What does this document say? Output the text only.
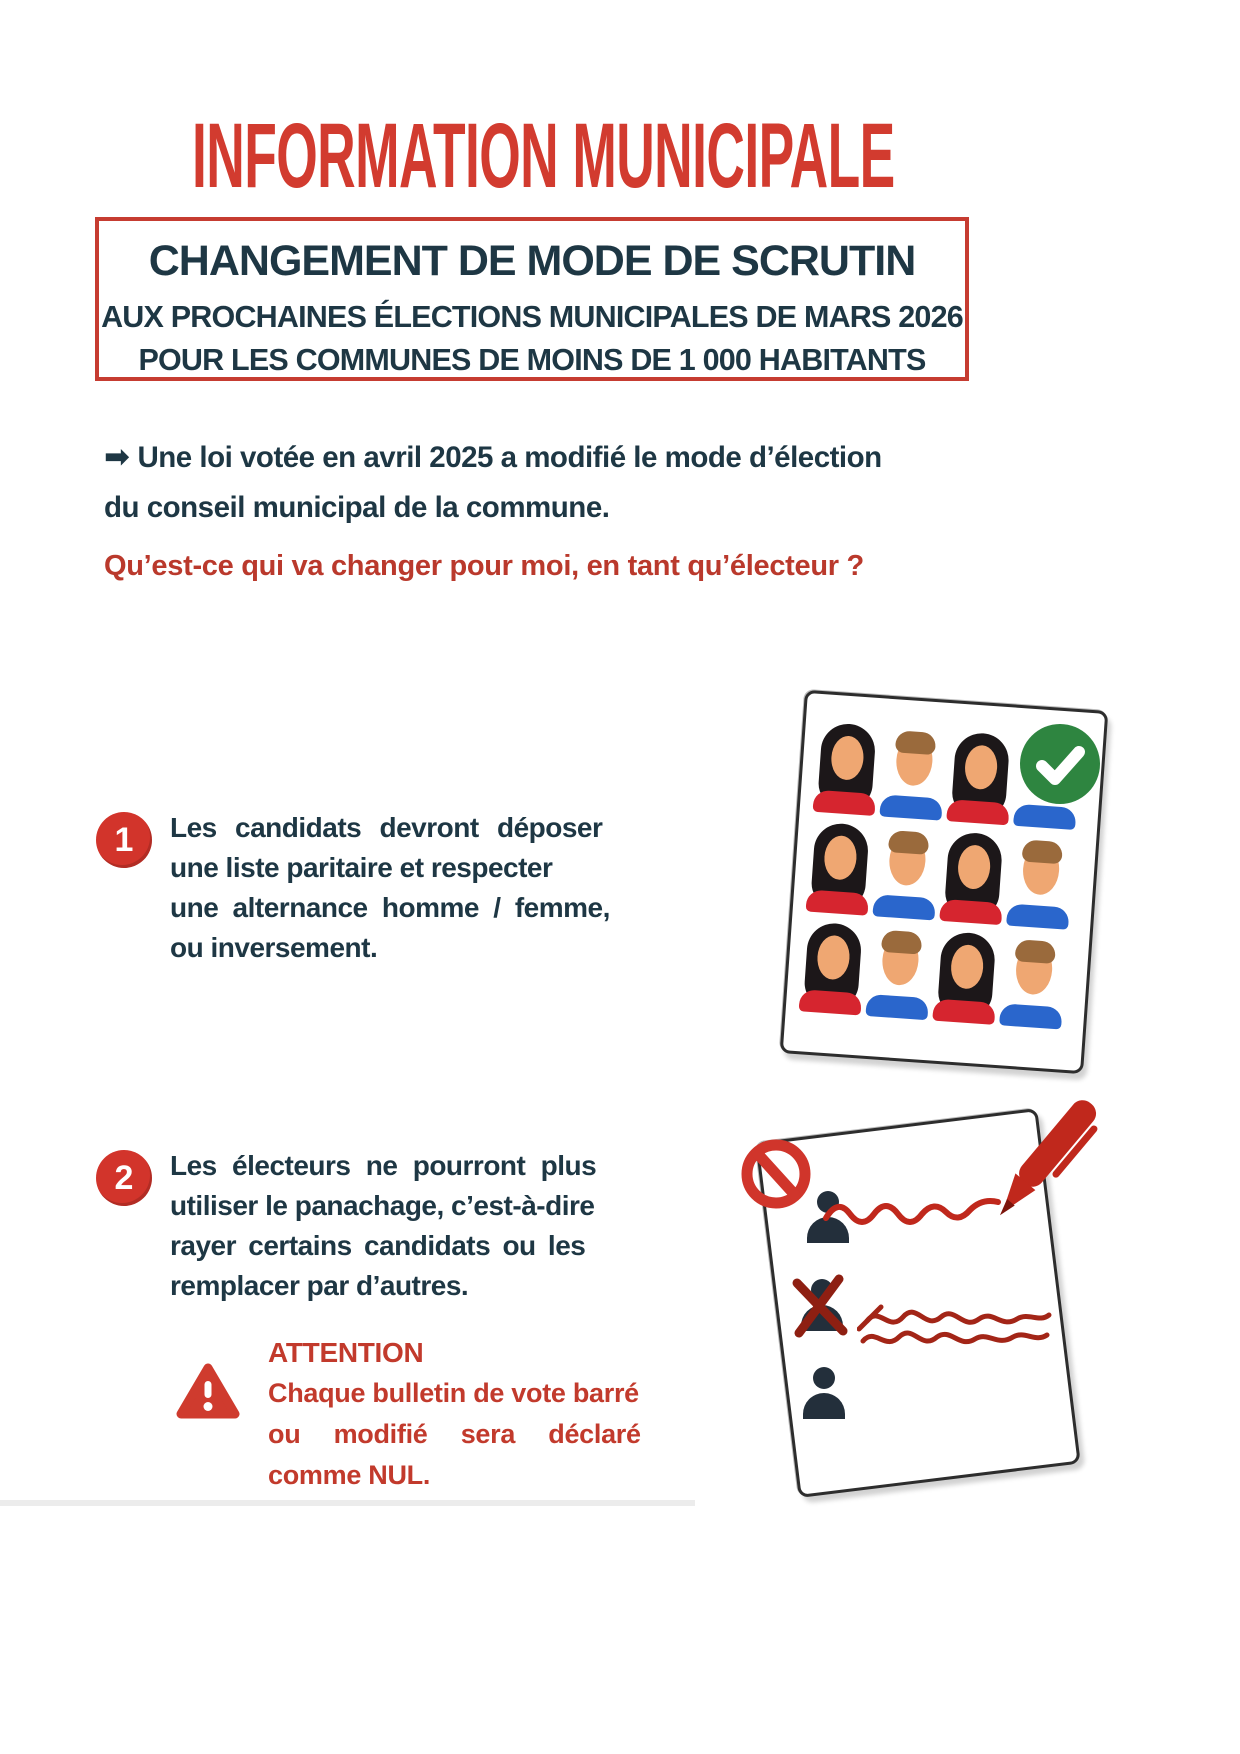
INFORMATION MUNICIPALE
CHANGEMENT DE MODE DE SCRUTIN
AUX PROCHAINES ÉLECTIONS MUNICIPALES DE MARS 2026
POUR LES COMMUNES DE MOINS DE 1 000 HABITANTS
➡ Une loi votée en avril 2025 a modifié le mode d’élection
du conseil municipal de la commune.
Qu’est-ce qui va changer pour moi, en tant qu’électeur ?
1	Les candidats devront déposer
une liste paritaire et respecter
une alternance homme / femme,
ou inversement.
2	Les électeurs ne pourront plus
utiliser le panachage, c’est-à-dire
rayer certains candidats ou les
remplacer par d’autres.
ATTENTION
Chaque bulletin de vote barré
ou modifié sera déclaré
comme NUL.
